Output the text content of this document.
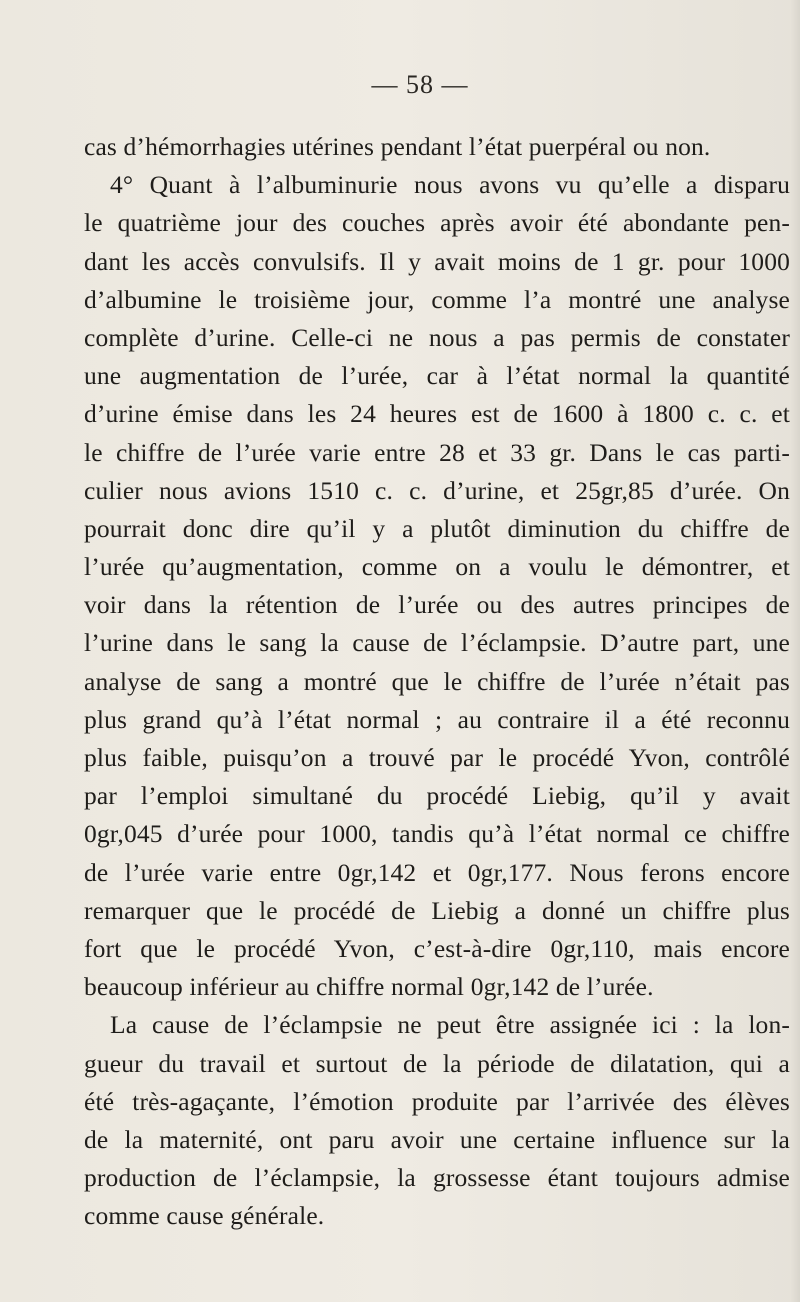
— 58 —
cas d’hémorrhagies utérines pendant l’état puerpéral ou non.
4° Quant à l’albuminurie nous avons vu qu’elle a disparu
le quatrième jour des couches après avoir été abondante pen-
dant les accès convulsifs. Il y avait moins de 1 gr. pour 1000
d’albumine le troisième jour, comme l’a montré une analyse
complète d’urine. Celle-ci ne nous a pas permis de constater
une augmentation de l’urée, car à l’état normal la quantité
d’urine émise dans les 24 heures est de 1600 à 1800 c. c. et
le chiffre de l’urée varie entre 28 et 33 gr. Dans le cas parti-
culier nous avions 1510 c. c. d’urine, et 25gr,85 d’urée. On
pourrait donc dire qu’il y a plutôt diminution du chiffre de
l’urée qu’augmentation, comme on a voulu le démontrer, et
voir dans la rétention de l’urée ou des autres principes de
l’urine dans le sang la cause de l’éclampsie. D’autre part, une
analyse de sang a montré que le chiffre de l’urée n’était pas
plus grand qu’à l’état normal ; au contraire il a été reconnu
plus faible, puisqu’on a trouvé par le procédé Yvon, contrôlé
par l’emploi simultané du procédé Liebig, qu’il y avait
0gr,045 d’urée pour 1000, tandis qu’à l’état normal ce chiffre
de l’urée varie entre 0gr,142 et 0gr,177. Nous ferons encore
remarquer que le procédé de Liebig a donné un chiffre plus
fort que le procédé Yvon, c’est-à-dire 0gr,110, mais encore
beaucoup inférieur au chiffre normal 0gr,142 de l’urée.
La cause de l’éclampsie ne peut être assignée ici : la lon-
gueur du travail et surtout de la période de dilatation, qui a
été très-agaçante, l’émotion produite par l’arrivée des élèves
de la maternité, ont paru avoir une certaine influence sur la
production de l’éclampsie, la grossesse étant toujours admise
comme cause générale.
